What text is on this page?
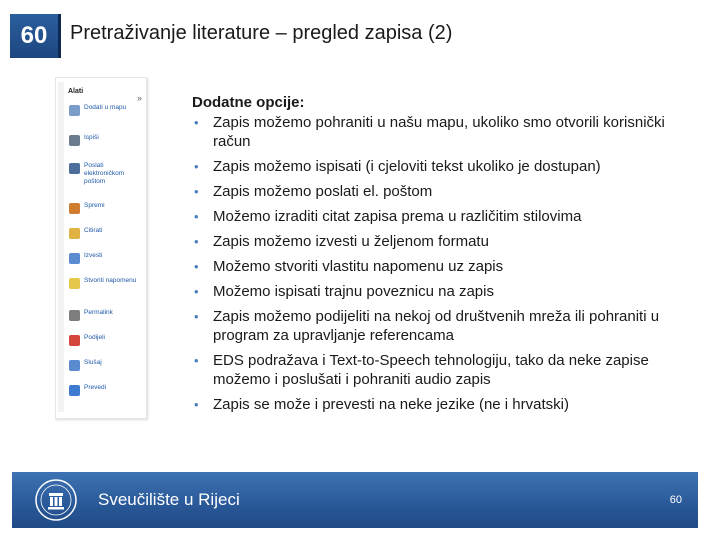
60 Pretraživanje literature – pregled zapisa (2)
Alati
»
Dodati u mapu
Ispiši
Poslati elektroničkom poštom
Spremi
Citirati
Izvesti
Stvoriti napomenu
Permalink
Podijeli
Slušaj
Prevedi
Dodatne opcije:
• Zapis možemo pohraniti u našu mapu, ukoliko smo otvorili korisnički račun
• Zapis možemo ispisati (i cjeloviti tekst ukoliko je dostupan)
• Zapis možemo poslati el. poštom
• Možemo izraditi citat zapisa prema u različitim stilovima
• Zapis možemo izvesti u željenom formatu
• Možemo stvoriti vlastitu napomenu uz zapis
• Možemo ispisati trajnu poveznicu na zapis
• Zapis možemo podijeliti na nekoj od društvenih mreža ili pohraniti u program za upravljanje referencama
• EDS podražava i Text-to-Speech tehnologiju, tako da neke zapise možemo i poslušati i pohraniti audio zapis
• Zapis se može i prevesti na neke jezike (ne i hrvatski)
Sveučilište u Rijeci	60
